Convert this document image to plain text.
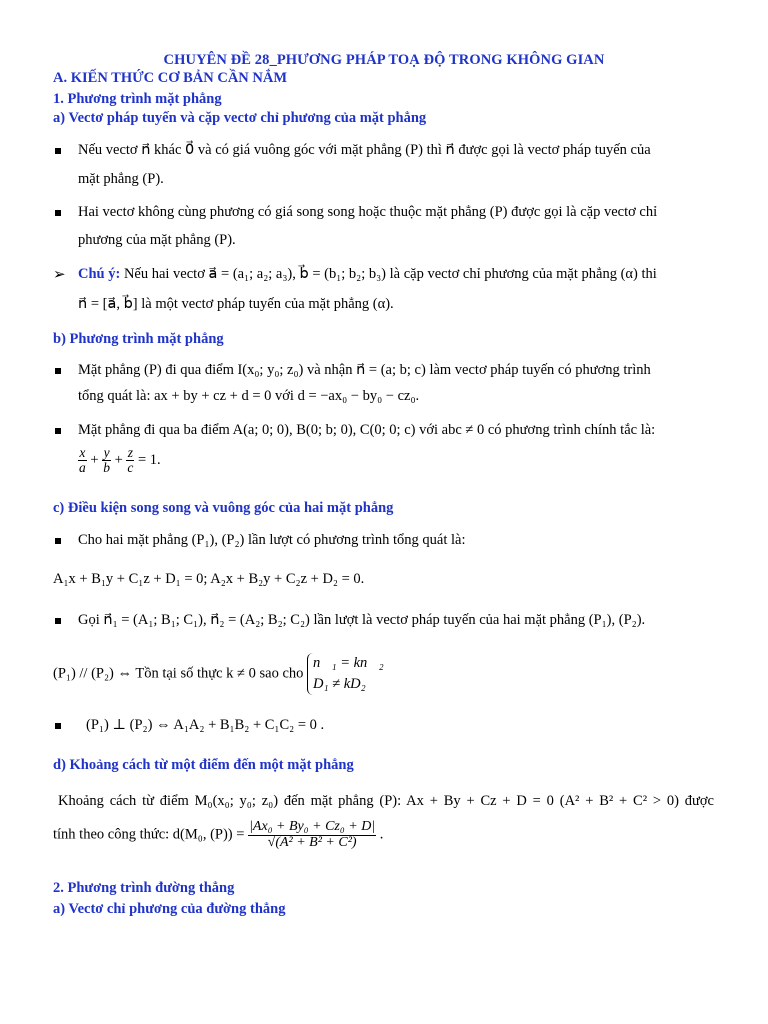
CHUYÊN ĐỀ 28_PHƯƠNG PHÁP TOẠ ĐỘ TRONG KHÔNG GIAN
A. KIẾN THỨC CƠ BẢN CẦN NẮM
1. Phương trình mặt phẳng
a) Vectơ pháp tuyến và cặp vectơ chỉ phương của mặt phẳng
Nếu vectơ n⃗ khác 0⃗ và có giá vuông góc với mặt phẳng (P) thì n⃗ được gọi là vectơ pháp tuyến của
mặt phẳng (P).
Hai vectơ không cùng phương có giá song song hoặc thuộc mặt phẳng (P) được gọi là cặp vectơ chỉ
phương của mặt phẳng (P).
➢ Chú ý: Nếu hai vectơ a⃗ = (a₁; a₂; a₃), b⃗ = (b₁; b₂; b₃) là cặp vectơ chỉ phương của mặt phẳng (α) thi
n⃗ = [a⃗, b⃗] là một vectơ pháp tuyến của mặt phẳng (α).
b) Phương trình mặt phẳng
Mặt phẳng (P) đi qua điểm I(x₀; y₀; z₀) và nhận n⃗ = (a; b; c) làm vectơ pháp tuyến có phương trình
tổng quát là: ax + by + cz + d = 0 với d = −ax₀ − by₀ − cz₀.
Mặt phẳng đi qua ba điểm A(a; 0; 0), B(0; b; 0), C(0; 0; c) với abc ≠ 0 có phương trình chính tắc là:
$\frac{x}{a} + \frac{y}{b} + \frac{z}{c} = 1$.
c) Điều kiện song song và vuông góc của hai mặt phẳng
Cho hai mặt phẳng (P₁), (P₂) lần lượt có phương trình tổng quát là:
A₁x + B₁y + C₁z + D₁ = 0; A₂x + B₂y + C₂z + D₂ = 0.
Gọi n⃗₁ = (A₁; B₁; C₁), n⃗₂ = (A₂; B₂; C₂) lần lượt là vectơ pháp tuyến của hai mặt phẳng (P₁), (P₂).
(P₁) // (P₂) ⇔ Tồn tại số thực k ≠ 0 sao cho
n⃗₁ = kn⃗₂
D₁ ≠ kD₂
(P₁) ⊥ (P₂) ⇔ A₁A₂ + B₁B₂ + C₁C₂ = 0 .
d) Khoảng cách từ một điểm đến một mặt phẳng
Khoảng cách từ điểm M₀(x₀; y₀; z₀) đến mặt phẳng (P): Ax + By + Cz + D = 0 (A² + B² + C² > 0) được
tính theo công thức: d(M₀, $(P)) = \frac{\text{|Ax₀ + By₀ + Cz₀ + D|}}{\text{√(A² + B² + C²)}}$ .
2. Phương trình đường thẳng
a) Vectơ chỉ phương của đường thẳng
